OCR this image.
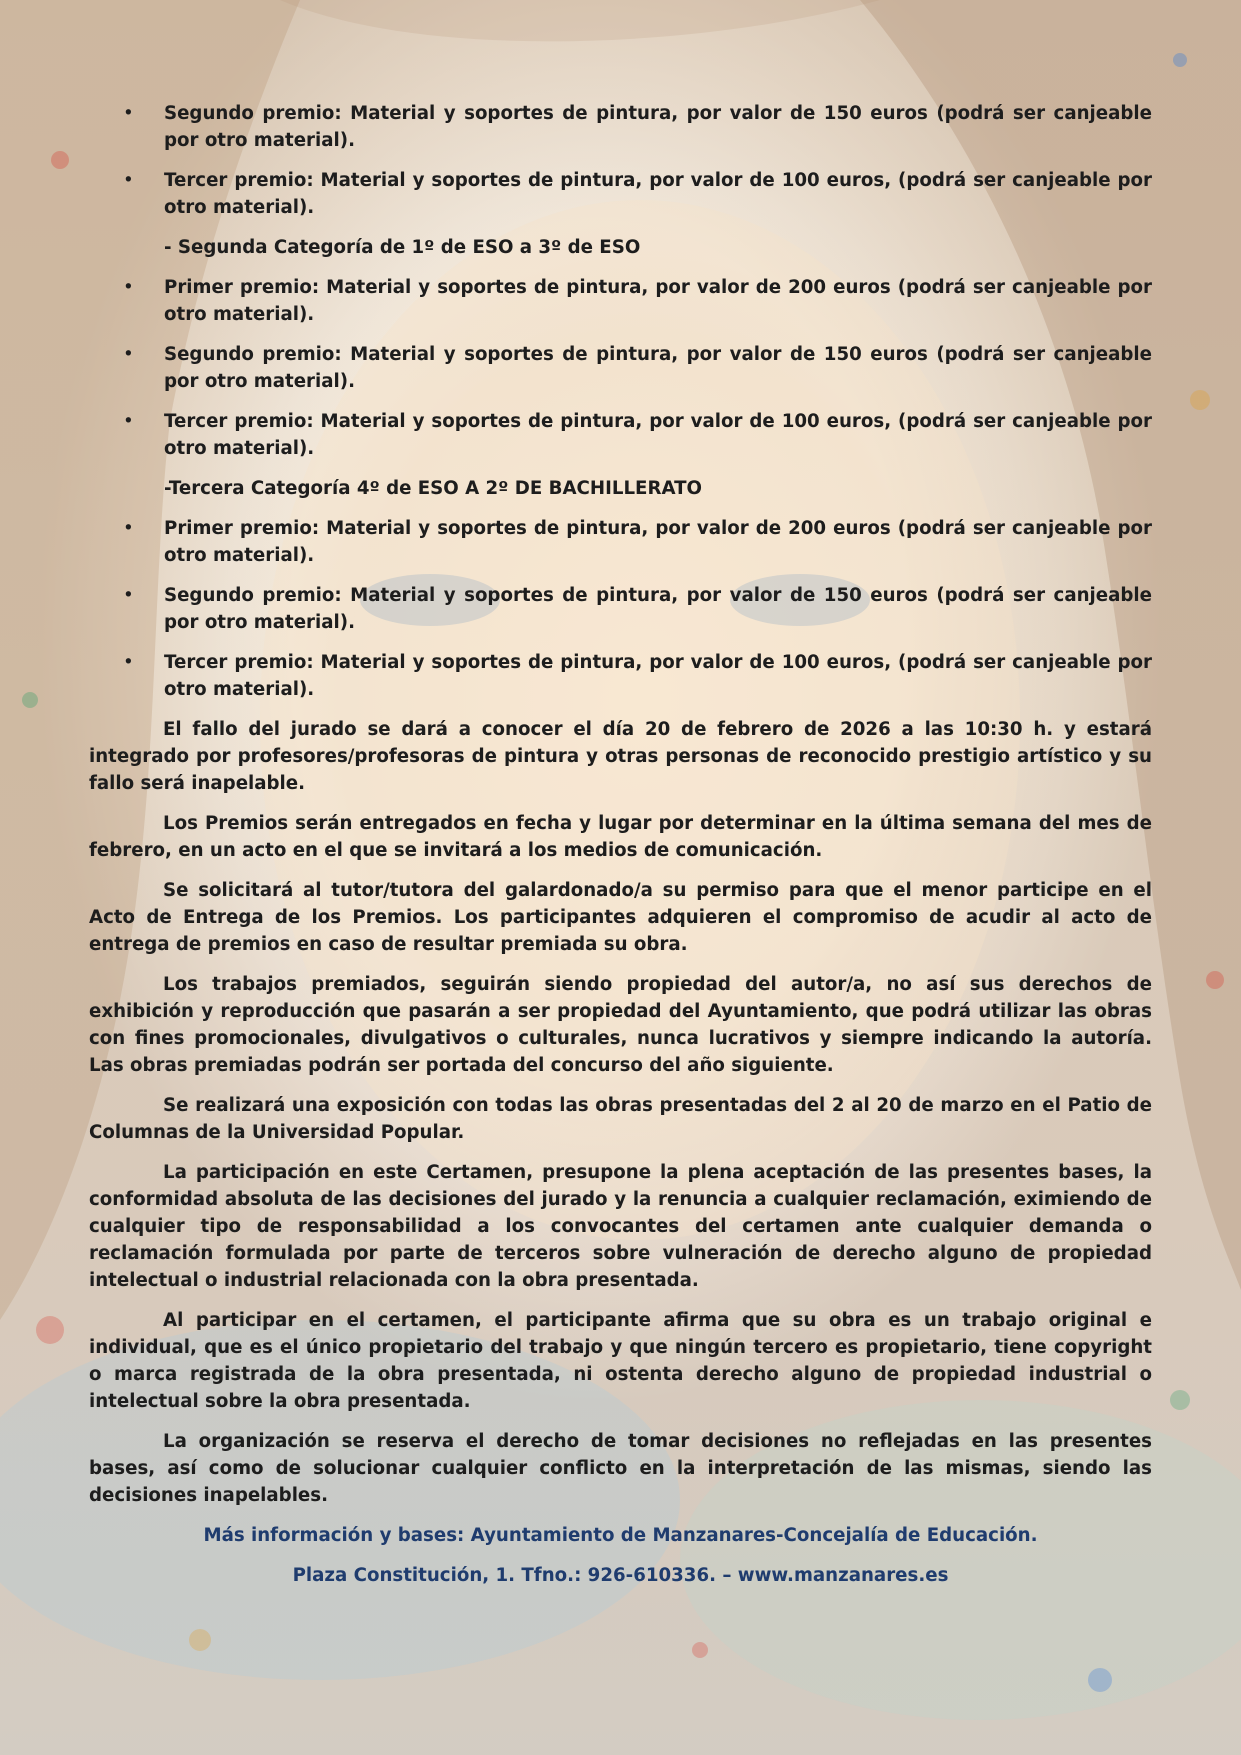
• Segundo premio: Material y soportes de pintura, por valor de 150 euros (podrá ser canjeable por otro material).
• Tercer premio: Material y soportes de pintura, por valor de 100 euros, (podrá ser canjeable por otro material).
- Segunda Categoría de 1º de ESO a 3º de ESO
• Primer premio: Material y soportes de pintura, por valor de 200 euros (podrá ser canjeable por otro material).
• Segundo premio: Material y soportes de pintura, por valor de 150 euros (podrá ser canjeable por otro material).
• Tercer premio: Material y soportes de pintura, por valor de 100 euros, (podrá ser canjeable por otro material).
-Tercera Categoría 4º de ESO A 2º DE BACHILLERATO
• Primer premio: Material y soportes de pintura, por valor de 200 euros (podrá ser canjeable por otro material).
• Segundo premio: Material y soportes de pintura, por valor de 150 euros (podrá ser canjeable por otro material).
• Tercer premio: Material y soportes de pintura, por valor de 100 euros, (podrá ser canjeable por otro material).
El fallo del jurado se dará a conocer el día 20 de febrero de 2026 a las 10:30 h. y estará integrado por profesores/profesoras de pintura y otras personas de reconocido prestigio artístico y su fallo será inapelable.
Los Premios serán entregados en fecha y lugar por determinar en la última semana del mes de febrero, en un acto en el que se invitará a los medios de comunicación.
Se solicitará al tutor/tutora del galardonado/a su permiso para que el menor participe en el Acto de Entrega de los Premios. Los participantes adquieren el compromiso de acudir al acto de entrega de premios en caso de resultar premiada su obra.
Los trabajos premiados, seguirán siendo propiedad del autor/a, no así sus derechos de exhibición y reproducción que pasarán a ser propiedad del Ayuntamiento, que podrá utilizar las obras con fines promocionales, divulgativos o culturales, nunca lucrativos y siempre indicando la autoría. Las obras premiadas podrán ser portada del concurso del año siguiente.
Se realizará una exposición con todas las obras presentadas del 2 al 20 de marzo en el Patio de Columnas de la Universidad Popular.
La participación en este Certamen, presupone la plena aceptación de las presentes bases, la conformidad absoluta de las decisiones del jurado y la renuncia a cualquier reclamación, eximiendo de cualquier tipo de responsabilidad a los convocantes del certamen ante cualquier demanda o reclamación formulada por parte de terceros sobre vulneración de derecho alguno de propiedad intelectual o industrial relacionada con la obra presentada.
Al participar en el certamen, el participante afirma que su obra es un trabajo original e individual, que es el único propietario del trabajo y que ningún tercero es propietario, tiene copyright o marca registrada de la obra presentada, ni ostenta derecho alguno de propiedad industrial o intelectual sobre la obra presentada.
La organización se reserva el derecho de tomar decisiones no reflejadas en las presentes bases, así como de solucionar cualquier conflicto en la interpretación de las mismas, siendo las decisiones inapelables.
Más información y bases: Ayuntamiento de Manzanares-Concejalía de Educación.
Plaza Constitución, 1. Tfno.: 926-610336. – www.manzanares.es
